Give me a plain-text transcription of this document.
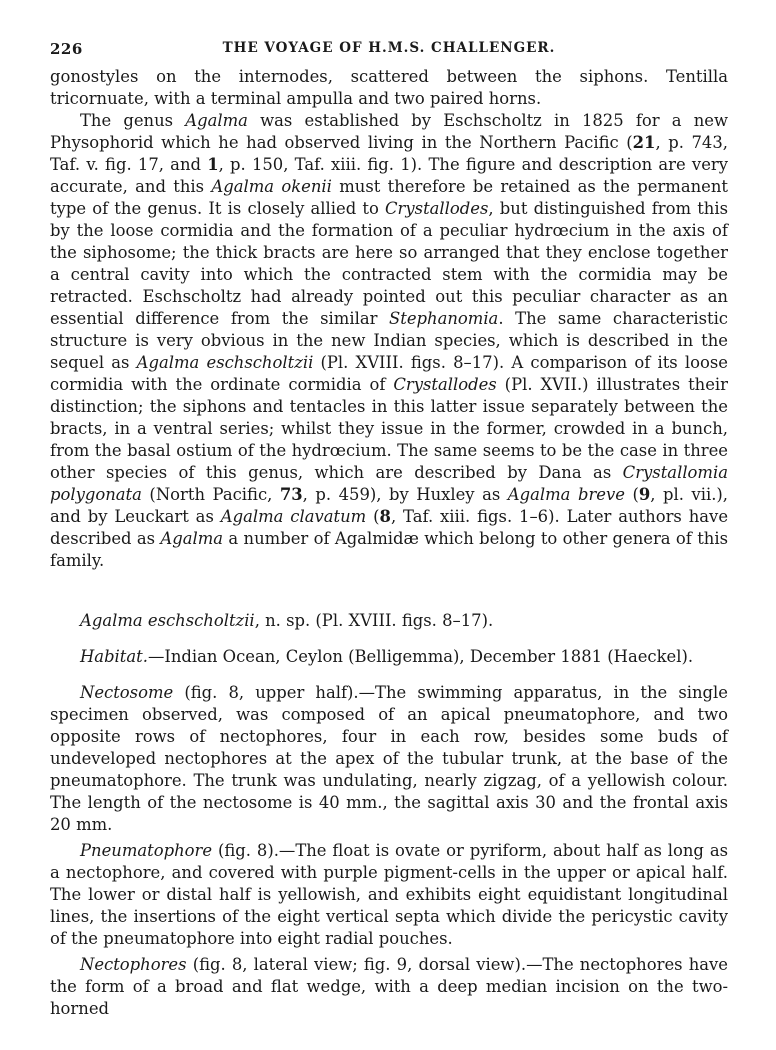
226	THE VOYAGE OF H.M.S. CHALLENGER.

gonostyles on the internodes, scattered between the siphons. Tentilla tricornuate, with a terminal ampulla and two paired horns.

The genus Agalma was established by Eschscholtz in 1825 for a new Physophorid which he had observed living in the Northern Pacific (21, p. 743, Taf. v. fig. 17, and 1, p. 150, Taf. xiii. fig. 1). The figure and description are very accurate, and this Agalma okenii must therefore be retained as the permanent type of the genus. It is closely allied to Crystallodes, but distinguished from this by the loose cormidia and the formation of a peculiar hydrœcium in the axis of the siphosome; the thick bracts are here so arranged that they enclose together a central cavity into which the contracted stem with the cormidia may be retracted. Eschscholtz had already pointed out this peculiar character as an essential difference from the similar Stephanomia. The same characteristic structure is very obvious in the new Indian species, which is described in the sequel as Agalma eschscholtzii (Pl. XVIII. figs. 8–17). A comparison of its loose cormidia with the ordinate cormidia of Crystallodes (Pl. XVII.) illustrates their distinction; the siphons and tentacles in this latter issue separately between the bracts, in a ventral series; whilst they issue in the former, crowded in a bunch, from the basal ostium of the hydrœcium. The same seems to be the case in three other species of this genus, which are described by Dana as Crystallomia polygonata (North Pacific, 73, p. 459), by Huxley as Agalma breve (9, pl. vii.), and by Leuckart as Agalma clavatum (8, Taf. xiii. figs. 1–6). Later authors have described as Agalma a number of Agalmidæ which belong to other genera of this family.

Agalma eschscholtzii, n. sp. (Pl. XVIII. figs. 8–17).

Habitat.—Indian Ocean, Ceylon (Belligemma), December 1881 (Haeckel).

Nectosome (fig. 8, upper half).—The swimming apparatus, in the single specimen observed, was composed of an apical pneumatophore, and two opposite rows of nectophores, four in each row, besides some buds of undeveloped nectophores at the apex of the tubular trunk, at the base of the pneumatophore. The trunk was undulating, nearly zigzag, of a yellowish colour. The length of the nectosome is 40 mm., the sagittal axis 30 and the frontal axis 20 mm.

Pneumatophore (fig. 8).—The float is ovate or pyriform, about half as long as a nectophore, and covered with purple pigment-cells in the upper or apical half. The lower or distal half is yellowish, and exhibits eight equidistant longitudinal lines, the insertions of the eight vertical septa which divide the pericystic cavity of the pneumatophore into eight radial pouches.

Nectophores (fig. 8, lateral view; fig. 9, dorsal view).—The nectophores have the form of a broad and flat wedge, with a deep median incision on the two-horned
